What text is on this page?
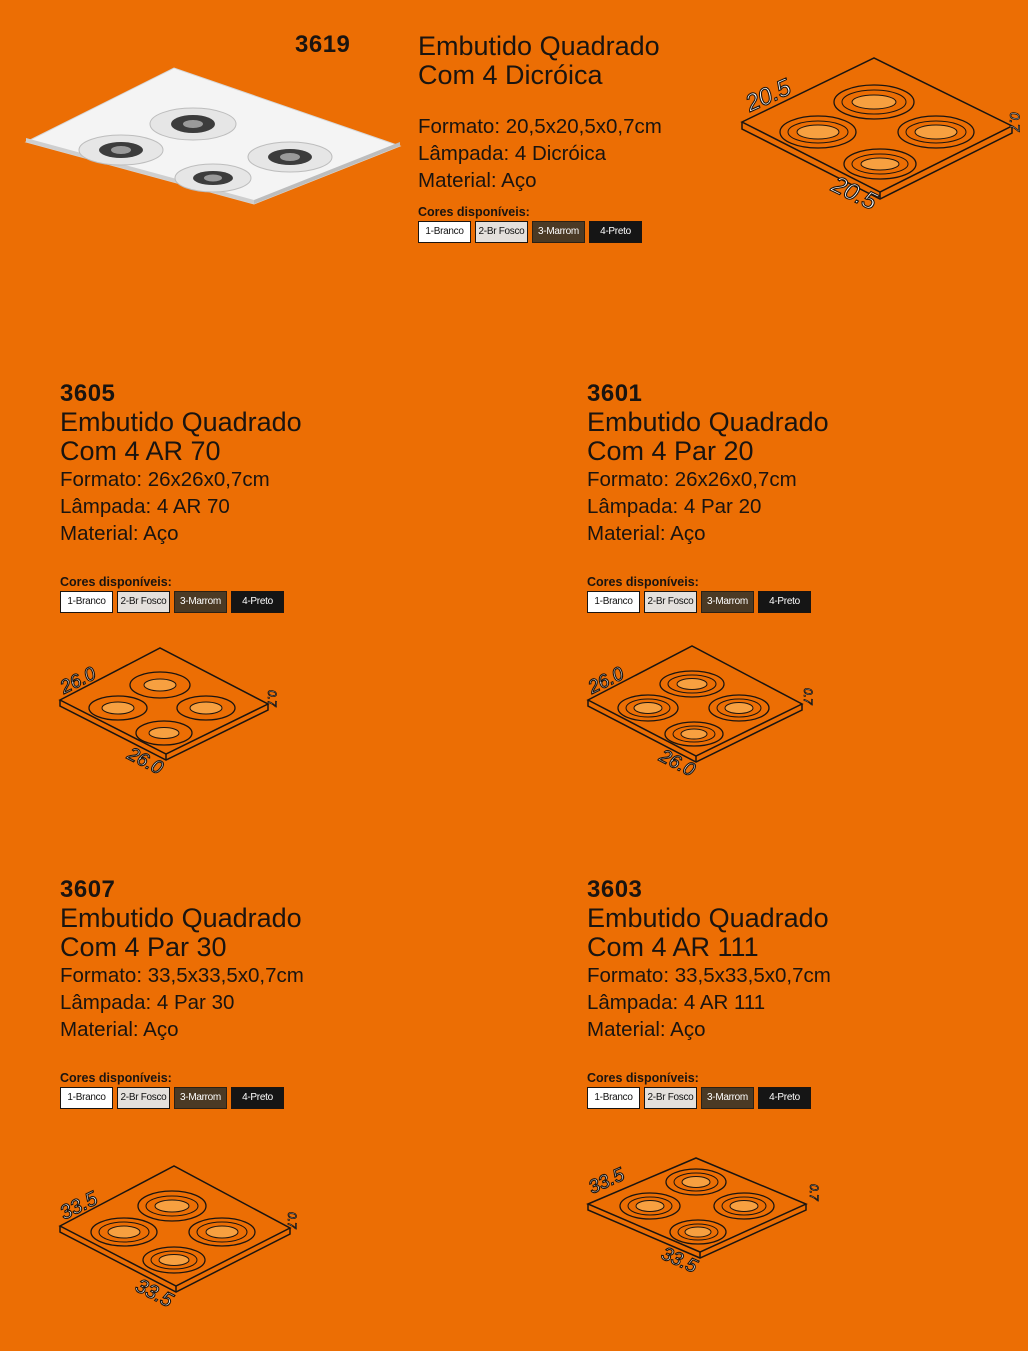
3619	Embutido Quadrado
Com 4 Dicróica
Formato: 20,5x20,5x0,7cm
Lâmpada: 4 Dicróica
Material: Aço
Cores disponíveis:
1-Branco	2-Br Fosco	3-Marrom	4-Preto
20.5
20.5
0.7
3605
Embutido Quadrado
Com 4 AR 70
Formato: 26x26x0,7cm
Lâmpada: 4 AR 70
Material: Aço
Cores disponíveis:
1-Branco	2-Br Fosco	3-Marrom	4-Preto
26.0
26.0
0.7
3601
Embutido Quadrado
Com 4 Par 20
Formato: 26x26x0,7cm
Lâmpada: 4 Par 20
Material: Aço
Cores disponíveis:
1-Branco	2-Br Fosco	3-Marrom	4-Preto
26.0
26.0
0.7
3607
Embutido Quadrado
Com 4 Par 30
Formato: 33,5x33,5x0,7cm
Lâmpada: 4 Par 30
Material: Aço
Cores disponíveis:
1-Branco	2-Br Fosco	3-Marrom	4-Preto
33.5
33.5
0.7
3603
Embutido Quadrado
Com 4 AR 111
Formato: 33,5x33,5x0,7cm
Lâmpada: 4 AR 111
Material: Aço
Cores disponíveis:
1-Branco	2-Br Fosco	3-Marrom	4-Preto
33.5
33.5
0.7
